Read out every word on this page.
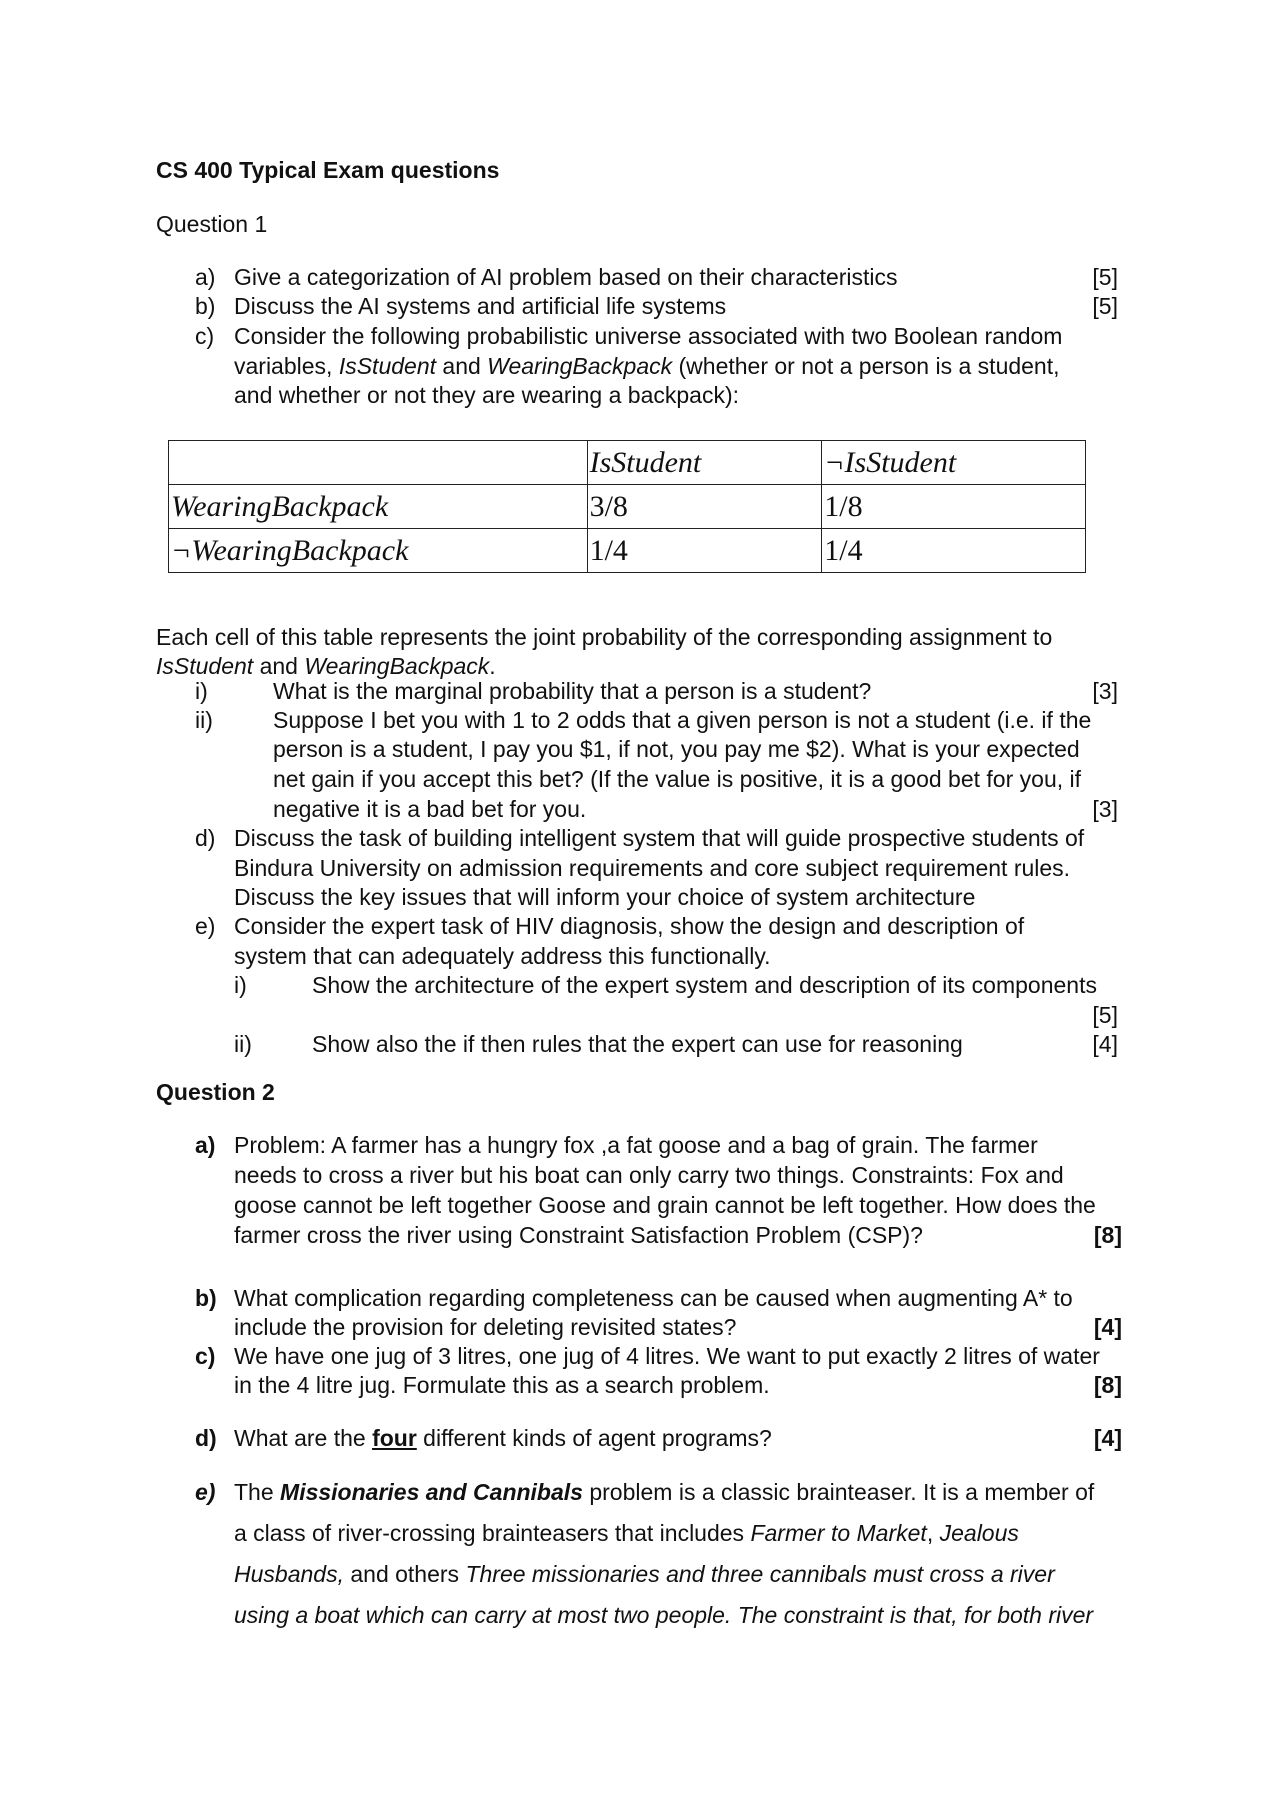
CS 400 Typical Exam questions
Question 1
a) Give a categorization of AI problem based on their characteristics	[5]
b) Discuss the AI systems and artificial life systems	[5]
c) Consider the following probabilistic universe associated with two Boolean random
variables, IsStudent and WearingBackpack (whether or not a person is a student,
and whether or not they are wearing a backpack):
	IsStudent	¬IsStudent
WearingBackpack	3/8	1/8
¬WearingBackpack	1/4	1/4
Each cell of this table represents the joint probability of the corresponding assignment to
IsStudent and WearingBackpack.
i)	What is the marginal probability that a person is a student?	[3]
ii)	Suppose I bet you with 1 to 2 odds that a given person is not a student (i.e. if the
person is a student, I pay you $1, if not, you pay me $2). What is your expected
net gain if you accept this bet? (If the value is positive, it is a good bet for you, if
negative it is a bad bet for you.	[3]
d) Discuss the task of building intelligent system that will guide prospective students of
Bindura University on admission requirements and core subject requirement rules.
Discuss the key issues that will inform your choice of system architecture
e) Consider the expert task of HIV diagnosis, show the design and description of
system that can adequately address this functionally.
i)	Show the architecture of the expert system and description of its components
[5]
ii)	Show also the if then rules that the expert can use for reasoning	[4]
Question 2
a) Problem: A farmer has a hungry fox ,a fat goose and a bag of grain. The farmer
needs to cross a river but his boat can only carry two things. Constraints: Fox and
goose cannot be left together Goose and grain cannot be left together. How does the
farmer cross the river using Constraint Satisfaction Problem (CSP)?	[8]
b) What complication regarding completeness can be caused when augmenting A* to
include the provision for deleting revisited states?	[4]
c) We have one jug of 3 litres, one jug of 4 litres. We want to put exactly 2 litres of water
in the 4 litre jug. Formulate this as a search problem.	[8]
d) What are the four different kinds of agent programs?	[4]
e) The Missionaries and Cannibals problem is a classic brainteaser. It is a member of
a class of river-crossing brainteasers that includes Farmer to Market, Jealous
Husbands, and others Three missionaries and three cannibals must cross a river
using a boat which can carry at most two people. The constraint is that, for both river
